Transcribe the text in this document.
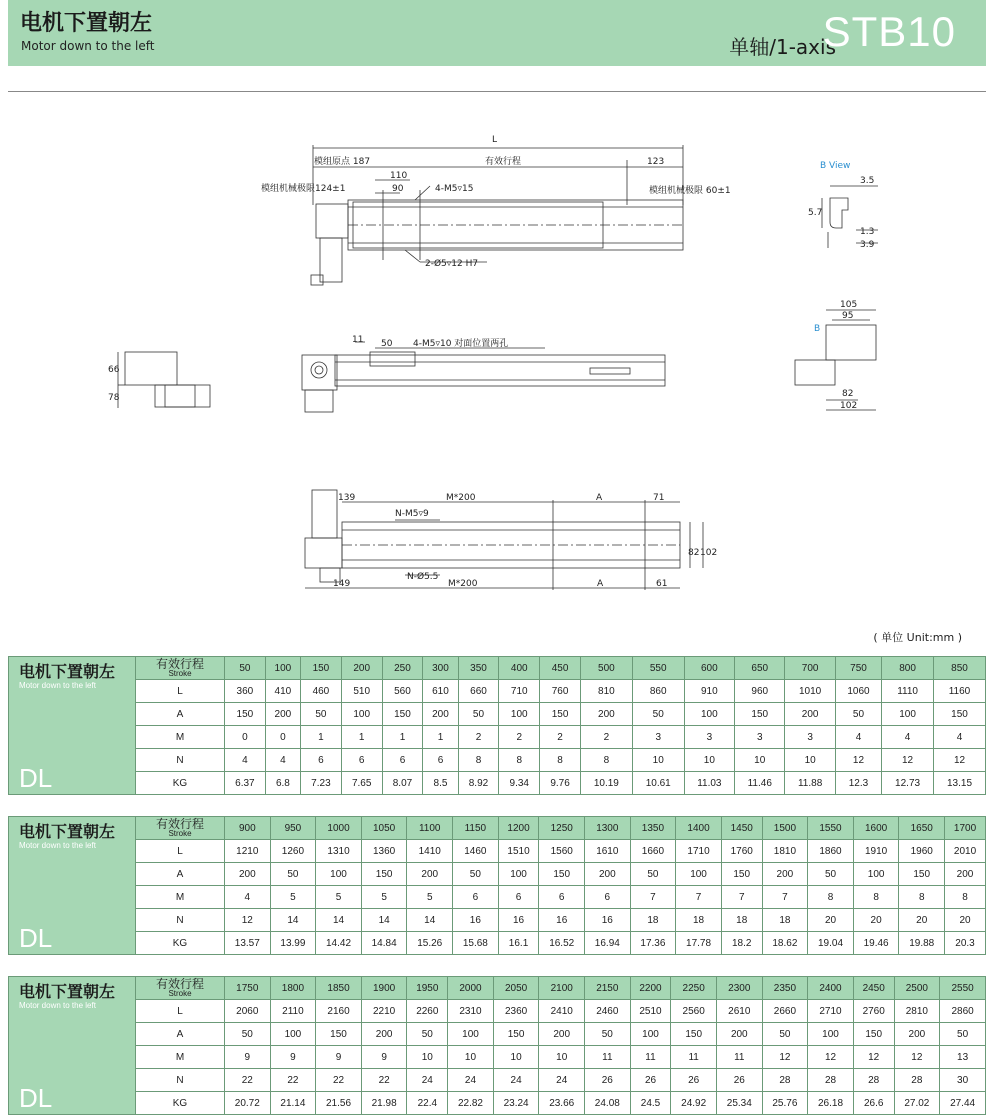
电机下置朝左
Motor down to the left	单轴/1-axis
STB10
L
模组原点 187	有效行程	123
110
90
模组机械极限124±1	4-M5▿15	模组机械极限 60±1
2-Ø5▿12 H7
B View
3.5
5.7
1.3
3.9
11 50 4-M5▿10 对面位置两孔
105
95
B
82
102
66
78
139	M*200	A	71
N-M5▿9
N-Ø5.5
M*200
149	A	61
82 102
( 单位 Unit:mm )
电机下置朝左
Motor down to the left
DL	有效行程
Stroke	50	100	150	200	250	300	350	400	450	500	550	600	650	700	750	800	850
	L	360	410	460	510	560	610	660	710	760	810	860	910	960	1010	1060	1110	1160
	A	150	200	50	100	150	200	50	100	150	200	50	100	150	200	50	100	150
	M	0	0	1	1	1	1	2	2	2	2	3	3	3	3	4	4	4
	N	4	4	6	6	6	6	8	8	8	8	10	10	10	10	12	12	12
	KG	6.37	6.8	7.23	7.65	8.07	8.5	8.92	9.34	9.76	10.19	10.61	11.03	11.46	11.88	12.3	12.73	13.15
电机下置朝左
Motor down to the left
DL	有效行程
Stroke	900	950	1000	1050	1100	1150	1200	1250	1300	1350	1400	1450	1500	1550	1600	1650	1700
	L	1210	1260	1310	1360	1410	1460	1510	1560	1610	1660	1710	1760	1810	1860	1910	1960	2010
	A	200	50	100	150	200	50	100	150	200	50	100	150	200	50	100	150	200
	M	4	5	5	5	5	6	6	6	6	7	7	7	7	8	8	8	8
	N	12	14	14	14	14	16	16	16	16	18	18	18	18	20	20	20	20
	KG	13.57	13.99	14.42	14.84	15.26	15.68	16.1	16.52	16.94	17.36	17.78	18.2	18.62	19.04	19.46	19.88	20.3
电机下置朝左
Motor down to the left
DL	有效行程
Stroke	1750	1800	1850	1900	1950	2000	2050	2100	2150	2200	2250	2300	2350	2400	2450	2500	2550
	L	2060	2110	2160	2210	2260	2310	2360	2410	2460	2510	2560	2610	2660	2710	2760	2810	2860
	A	50	100	150	200	50	100	150	200	50	100	150	200	50	100	150	200	50
	M	9	9	9	9	10	10	10	10	11	11	11	11	12	12	12	12	13
	N	22	22	22	22	24	24	24	24	26	26	26	26	28	28	28	28	30
	KG	20.72	21.14	21.56	21.98	22.4	22.82	23.24	23.66	24.08	24.5	24.92	25.34	25.76	26.18	26.6	27.02	27.44
